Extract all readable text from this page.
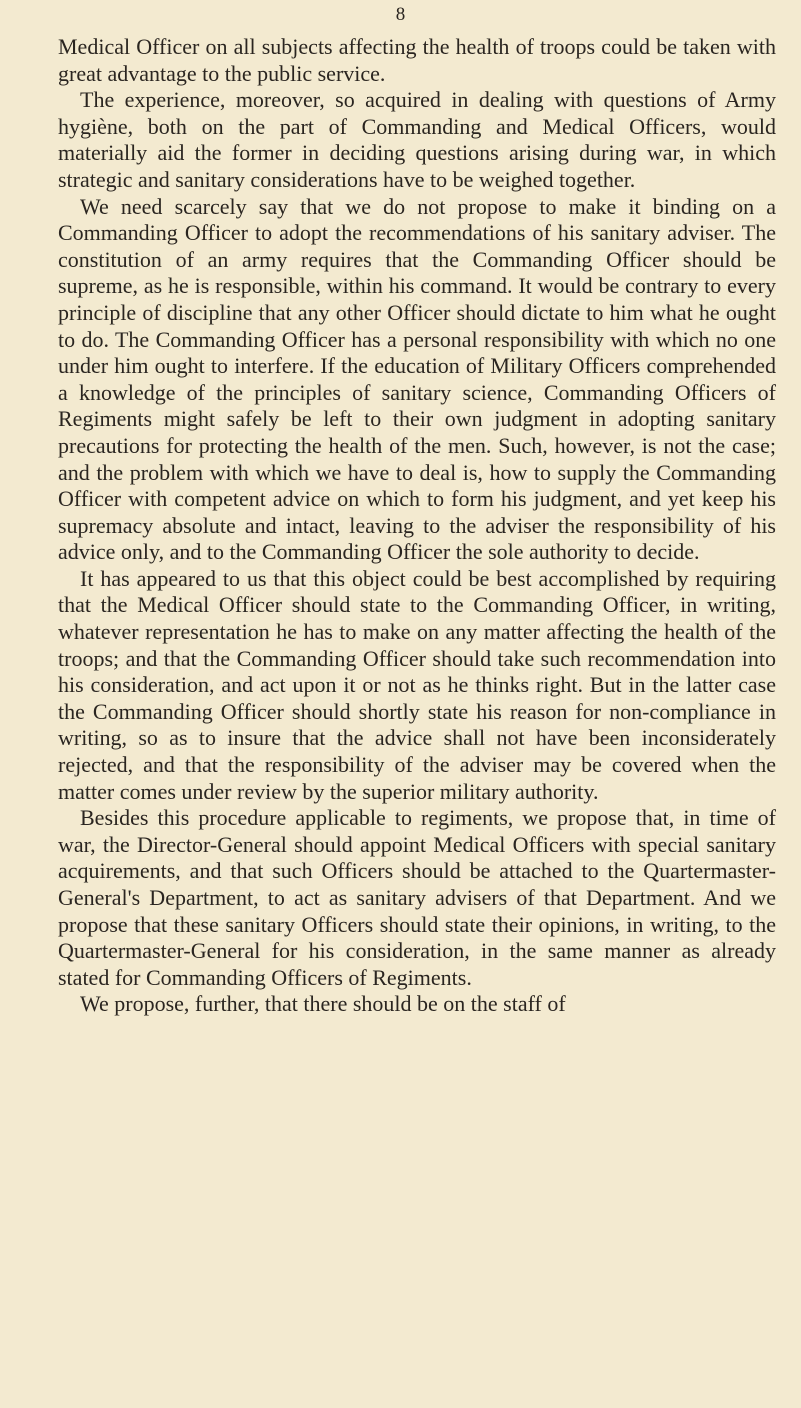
8

Medical Officer on all subjects affecting the health of troops could be taken with great advantage to the public service.

The experience, moreover, so acquired in dealing with questions of Army hygiène, both on the part of Commanding and Medical Officers, would materially aid the former in deciding questions arising during war, in which strategic and sanitary considerations have to be weighed together.

We need scarcely say that we do not propose to make it binding on a Commanding Officer to adopt the recommendations of his sanitary adviser. The constitution of an army requires that the Commanding Officer should be supreme, as he is responsible, within his command. It would be contrary to every principle of discipline that any other Officer should dictate to him what he ought to do. The Commanding Officer has a personal responsibility with which no one under him ought to interfere. If the education of Military Officers comprehended a knowledge of the principles of sanitary science, Commanding Officers of Regiments might safely be left to their own judgment in adopting sanitary precautions for protecting the health of the men. Such, however, is not the case; and the problem with which we have to deal is, how to supply the Commanding Officer with competent advice on which to form his judgment, and yet keep his supremacy absolute and intact, leaving to the adviser the responsibility of his advice only, and to the Commanding Officer the sole authority to decide.

It has appeared to us that this object could be best accomplished by requiring that the Medical Officer should state to the Commanding Officer, in writing, whatever representation he has to make on any matter affecting the health of the troops; and that the Commanding Officer should take such recommendation into his consideration, and act upon it or not as he thinks right. But in the latter case the Commanding Officer should shortly state his reason for non-compliance in writing, so as to insure that the advice shall not have been inconsiderately rejected, and that the responsibility of the adviser may be covered when the matter comes under review by the superior military authority.

Besides this procedure applicable to regiments, we propose that, in time of war, the Director-General should appoint Medical Officers with special sanitary acquirements, and that such Officers should be attached to the Quartermaster-General's Department, to act as sanitary advisers of that Department. And we propose that these sanitary Officers should state their opinions, in writing, to the Quartermaster-General for his consideration, in the same manner as already stated for Commanding Officers of Regiments.

We propose, further, that there should be on the staff of
